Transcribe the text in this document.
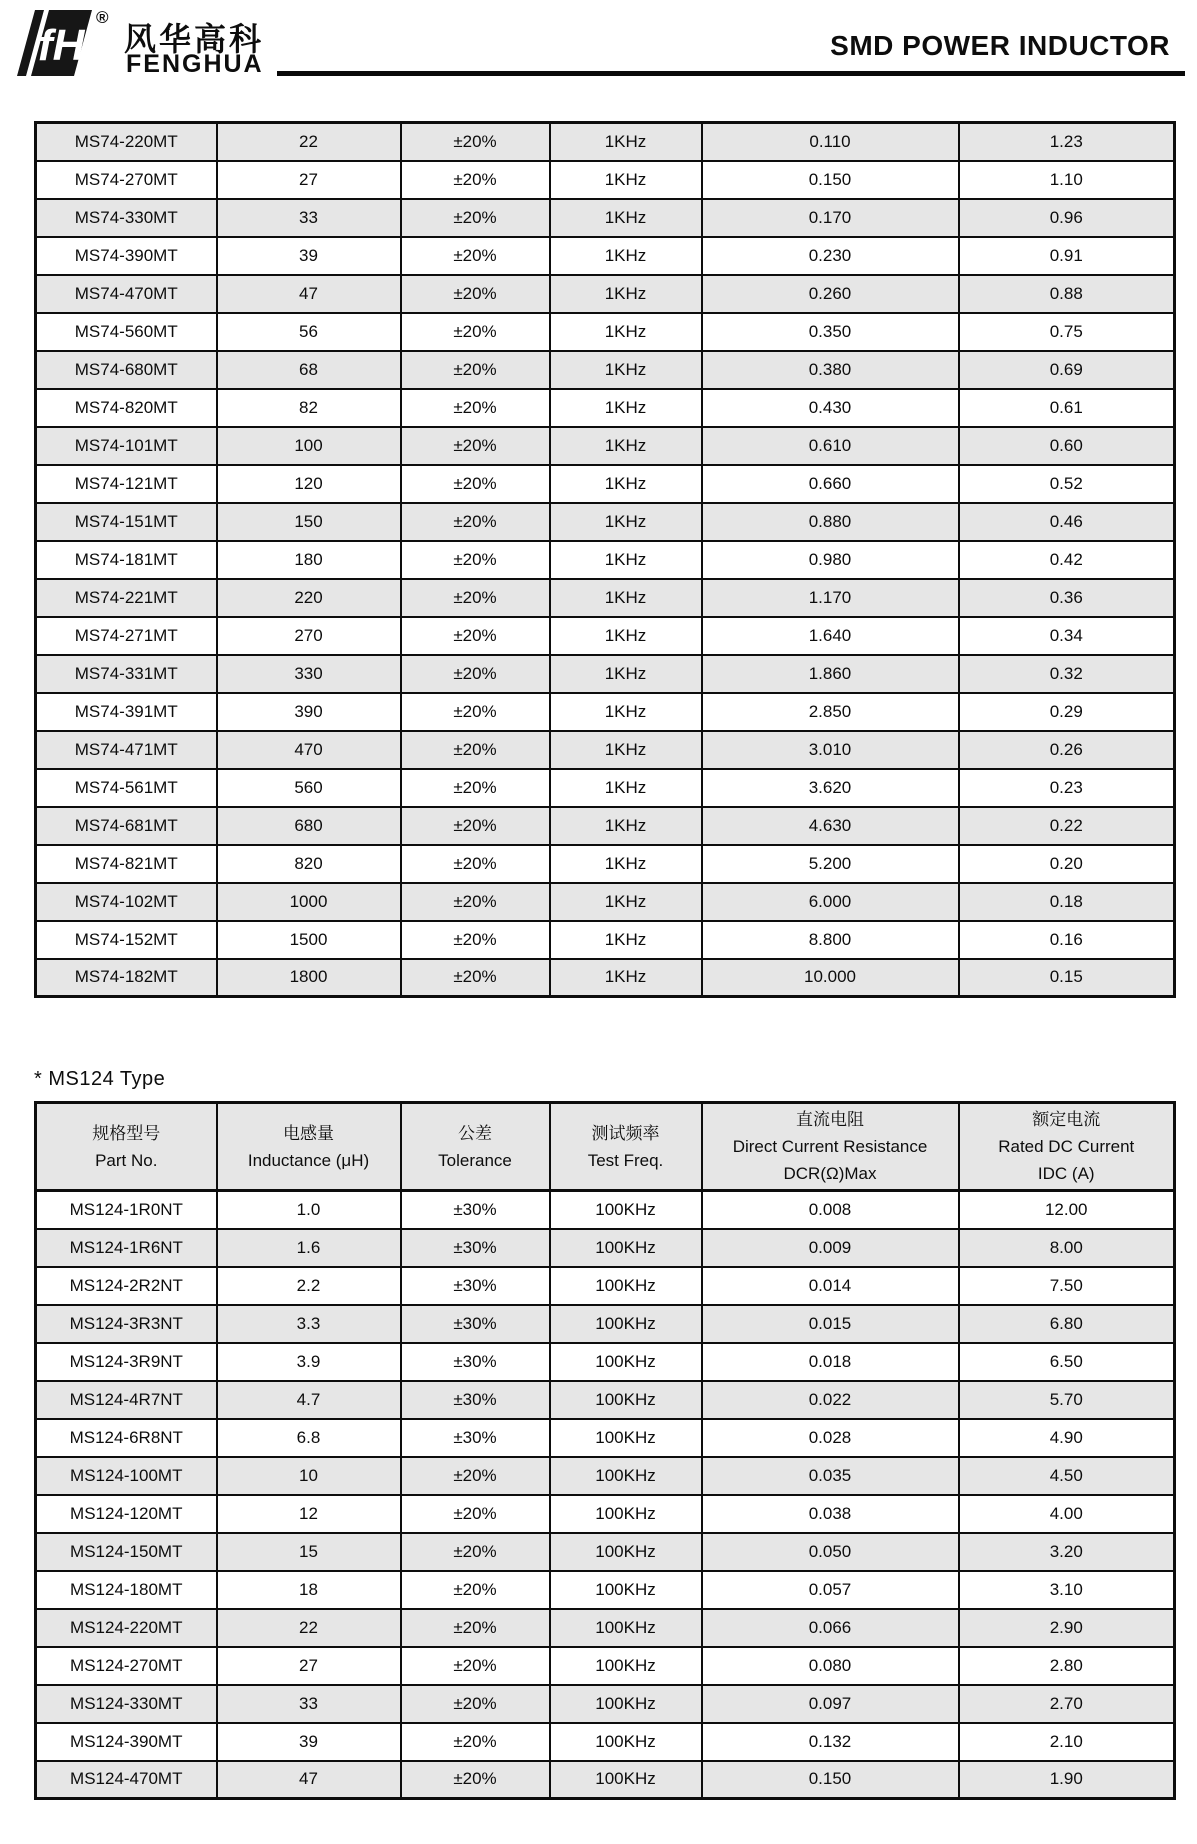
fH
®
风华高科
FENGHUA
SMD POWER INDUCTOR
MS74-220MT	22	±20%	1KHz	0.110	1.23
MS74-270MT	27	±20%	1KHz	0.150	1.10
MS74-330MT	33	±20%	1KHz	0.170	0.96
MS74-390MT	39	±20%	1KHz	0.230	0.91
MS74-470MT	47	±20%	1KHz	0.260	0.88
MS74-560MT	56	±20%	1KHz	0.350	0.75
MS74-680MT	68	±20%	1KHz	0.380	0.69
MS74-820MT	82	±20%	1KHz	0.430	0.61
MS74-101MT	100	±20%	1KHz	0.610	0.60
MS74-121MT	120	±20%	1KHz	0.660	0.52
MS74-151MT	150	±20%	1KHz	0.880	0.46
MS74-181MT	180	±20%	1KHz	0.980	0.42
MS74-221MT	220	±20%	1KHz	1.170	0.36
MS74-271MT	270	±20%	1KHz	1.640	0.34
MS74-331MT	330	±20%	1KHz	1.860	0.32
MS74-391MT	390	±20%	1KHz	2.850	0.29
MS74-471MT	470	±20%	1KHz	3.010	0.26
MS74-561MT	560	±20%	1KHz	3.620	0.23
MS74-681MT	680	±20%	1KHz	4.630	0.22
MS74-821MT	820	±20%	1KHz	5.200	0.20
MS74-102MT	1000	±20%	1KHz	6.000	0.18
MS74-152MT	1500	±20%	1KHz	8.800	0.16
MS74-182MT	1800	±20%	1KHz	10.000	0.15
* MS124 Type
规格型号
Part No.

电感量
Inductance (μH)

公差
Tolerance

测试频率
Test Freq.

直流电阻
Direct Current Resistance
DCR(Ω)Max

额定电流
Rated DC Current
IDC (A)

MS124-1R0NT	1.0	±30%	100KHz	0.008	12.00
MS124-1R6NT	1.6	±30%	100KHz	0.009	8.00
MS124-2R2NT	2.2	±30%	100KHz	0.014	7.50
MS124-3R3NT	3.3	±30%	100KHz	0.015	6.80
MS124-3R9NT	3.9	±30%	100KHz	0.018	6.50
MS124-4R7NT	4.7	±30%	100KHz	0.022	5.70
MS124-6R8NT	6.8	±30%	100KHz	0.028	4.90
MS124-100MT	10	±20%	100KHz	0.035	4.50
MS124-120MT	12	±20%	100KHz	0.038	4.00
MS124-150MT	15	±20%	100KHz	0.050	3.20
MS124-180MT	18	±20%	100KHz	0.057	3.10
MS124-220MT	22	±20%	100KHz	0.066	2.90
MS124-270MT	27	±20%	100KHz	0.080	2.80
MS124-330MT	33	±20%	100KHz	0.097	2.70
MS124-390MT	39	±20%	100KHz	0.132	2.10
MS124-470MT	47	±20%	100KHz	0.150	1.90
